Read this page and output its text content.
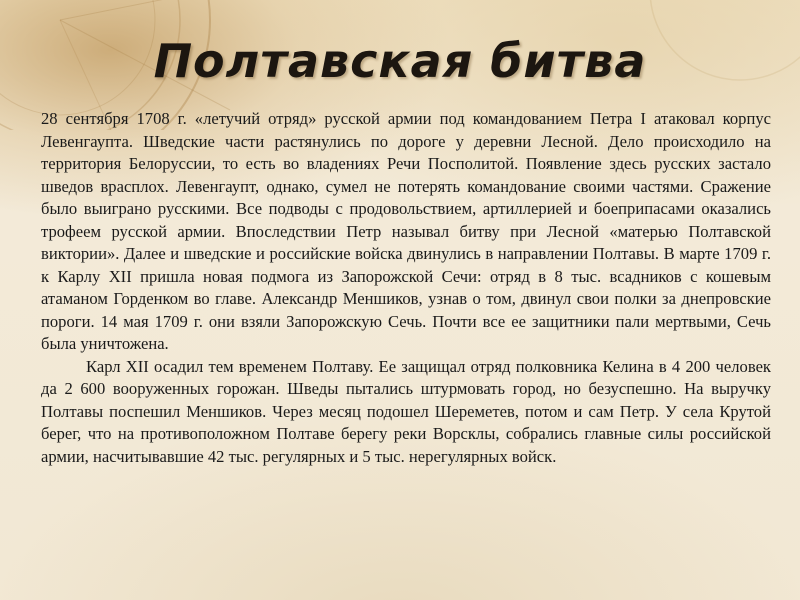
Полтавская битва

28 сентября 1708 г. «летучий отряд» русской армии под командованием Петра I атаковал корпус Левенгаупта. Шведские части растянулись по дороге у деревни Лесной. Дело происходило на территория Белоруссии, то есть во владениях Речи Посполитой. Появление здесь русских застало шведов врасплох. Левенгаупт, однако, сумел не потерять командование своими частями. Сражение было выиграно русскими. Все подводы с продовольствием, артиллерией и боеприпасами оказались трофеем русской армии. Впоследствии Петр называл битву при Лесной «матерью Полтавской виктории». Далее и шведские и российские войска двинулись в направлении Полтавы. В марте 1709 г. к Карлу XII пришла новая подмога из Запорожской Сечи: отряд в 8 тыс. всадников с кошевым атаманом Горденком во главе. Александр Меншиков, узнав о том, двинул свои полки за днепровские пороги. 14 мая 1709 г. они взяли Запорожскую Сечь. Почти все ее защитники пали мертвыми, Сечь была уничтожена.

Карл XII осадил тем временем Полтаву. Ее защищал отряд полковника Келина в 4 200 человек да 2 600 вооруженных горожан. Шведы пытались штурмовать город, но безуспешно. На выручку Полтавы поспешил Меншиков. Через месяц подошел Шереметев, потом и сам Петр. У села Крутой берег, что на противоположном Полтаве берегу реки Ворсклы, собрались главные силы российской армии, насчитывавшие 42 тыс. регулярных и 5 тыс. нерегулярных войск.
